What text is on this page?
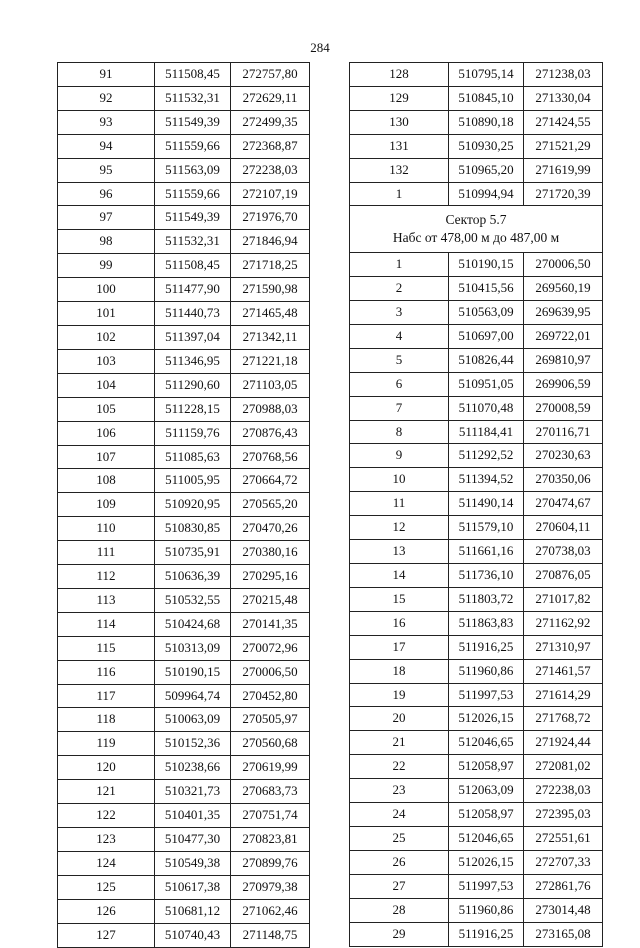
284
91	511508,45	272757,80
92	511532,31	272629,11
93	511549,39	272499,35
94	511559,66	272368,87
95	511563,09	272238,03
96	511559,66	272107,19
97	511549,39	271976,70
98	511532,31	271846,94
99	511508,45	271718,25
100	511477,90	271590,98
101	511440,73	271465,48
102	511397,04	271342,11
103	511346,95	271221,18
104	511290,60	271103,05
105	511228,15	270988,03
106	511159,76	270876,43
107	511085,63	270768,56
108	511005,95	270664,72
109	510920,95	270565,20
110	510830,85	270470,26
111	510735,91	270380,16
112	510636,39	270295,16
113	510532,55	270215,48
114	510424,68	270141,35
115	510313,09	270072,96
116	510190,15	270006,50
117	509964,74	270452,80
118	510063,09	270505,97
119	510152,36	270560,68
120	510238,66	270619,99
121	510321,73	270683,73
122	510401,35	270751,74
123	510477,30	270823,81
124	510549,38	270899,76
125	510617,38	270979,38
126	510681,12	271062,46
127	510740,43	271148,75
128	510795,14	271238,03
129	510845,10	271330,04
130	510890,18	271424,55
131	510930,25	271521,29
132	510965,20	271619,99
1	510994,94	271720,39

Сектор 5.7
Набс от 478,00 м до 487,00 м		

1	510190,15	270006,50
2	510415,56	269560,19
3	510563,09	269639,95
4	510697,00	269722,01
5	510826,44	269810,97
6	510951,05	269906,59
7	511070,48	270008,59
8	511184,41	270116,71
9	511292,52	270230,63
10	511394,52	270350,06
11	511490,14	270474,67
12	511579,10	270604,11
13	511661,16	270738,03
14	511736,10	270876,05
15	511803,72	271017,82
16	511863,83	271162,92
17	511916,25	271310,97
18	511960,86	271461,57
19	511997,53	271614,29
20	512026,15	271768,72
21	512046,65	271924,44
22	512058,97	272081,02
23	512063,09	272238,03
24	512058,97	272395,03
25	512046,65	272551,61
26	512026,15	272707,33
27	511997,53	272861,76
28	511960,86	273014,48
29	511916,25	273165,08
